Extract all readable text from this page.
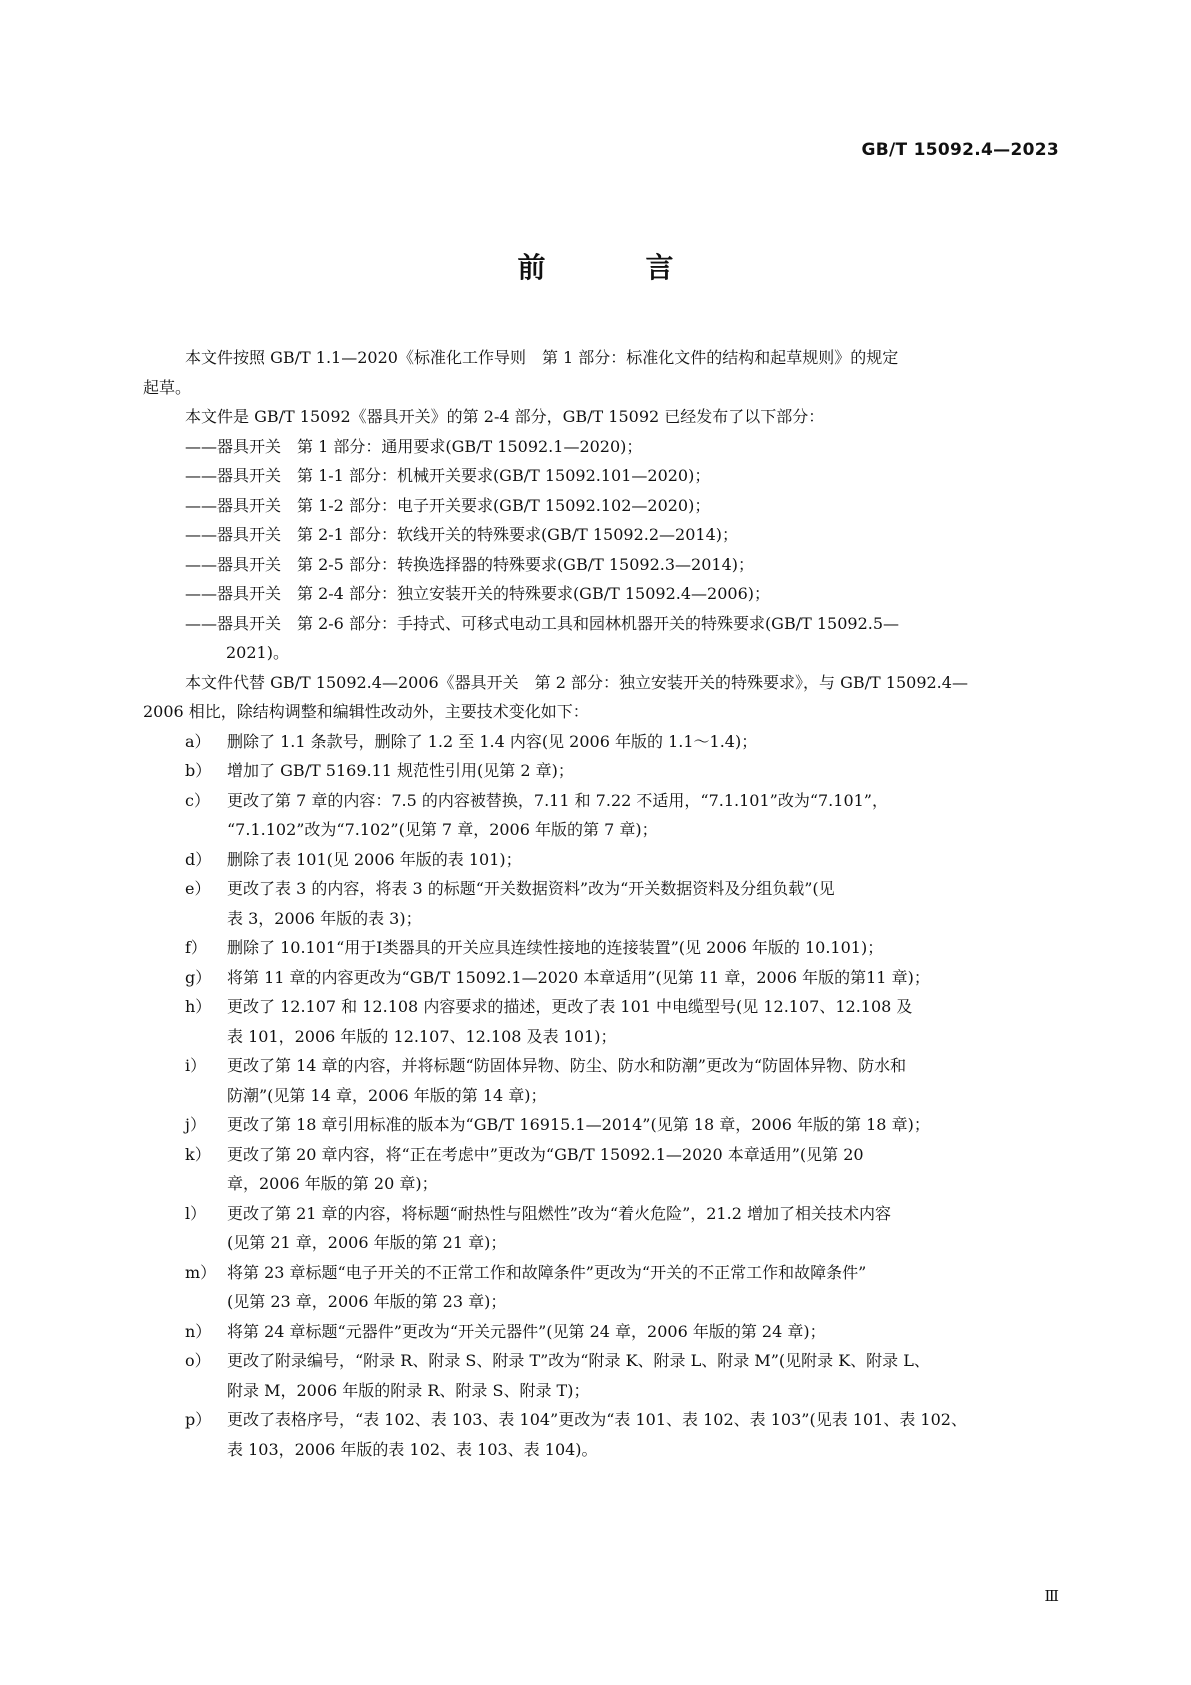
GB/T 15092.4—2023
前　言
本文件按照 GB/T 1.1—2020《标准化工作导则　第 1 部分：标准化文件的结构和起草规则》的规定
起草。
本文件是 GB/T 15092《器具开关》的第 2-4 部分，GB/T 15092 已经发布了以下部分：
——器具开关　第 1 部分：通用要求(GB/T 15092.1—2020)；
——器具开关　第 1-1 部分：机械开关要求(GB/T 15092.101—2020)；
——器具开关　第 1-2 部分：电子开关要求(GB/T 15092.102—2020)；
——器具开关　第 2-1 部分：软线开关的特殊要求(GB/T 15092.2—2014)；
——器具开关　第 2-5 部分：转换选择器的特殊要求(GB/T 15092.3—2014)；
——器具开关　第 2-4 部分：独立安装开关的特殊要求(GB/T 15092.4—2006)；
——器具开关　第 2-6 部分：手持式、可移式电动工具和园林机器开关的特殊要求(GB/T 15092.5—
2021)。
本文件代替 GB/T 15092.4—2006《器具开关　第 2 部分：独立安装开关的特殊要求》，与 GB/T 15092.4—
2006 相比，除结构调整和编辑性改动外，主要技术变化如下：
a）	删除了 1.1 条款号，删除了 1.2 至 1.4 内容(见 2006 年版的 1.1～1.4)；
b） 增加了 GB/T 5169.11 规范性引用(见第 2 章)；
c）	更改了第 7 章的内容：7.5 的内容被替换，7.11 和 7.22 不适用，“7.1.101”改为“7.101”，
“7.1.102”改为“7.102”(见第 7 章，2006 年版的第 7 章)；
d） 删除了表 101(见 2006 年版的表 101)；
e）	更改了表 3 的内容，将表 3 的标题“开关数据资料”改为“开关数据资料及分组负载”(见
表 3，2006 年版的表 3)；
f）	删除了 10.101“用于Ⅰ类器具的开关应具连续性接地的连接装置”(见 2006 年版的 10.101)；
g） 将第 11 章的内容更改为“GB/T 15092.1—2020 本章适用”(见第 11 章，2006 年版的第11 章)；
h） 更改了 12.107 和 12.108 内容要求的描述，更改了表 101 中电缆型号(见 12.107、12.108 及
表 101，2006 年版的 12.107、12.108 及表 101)；
i）	更改了第 14 章的内容，并将标题“防固体异物、防尘、防水和防潮”更改为“防固体异物、防水和
防潮”(见第 14 章，2006 年版的第 14 章)；
j）	更改了第 18 章引用标准的版本为“GB/T 16915.1—2014”(见第 18 章，2006 年版的第 18 章)；
k）	更改了第 20 章内容，将“正在考虑中”更改为“GB/T 15092.1—2020 本章适用”(见第 20
章，2006 年版的第 20 章)；
l）	更改了第 21 章的内容，将标题“耐热性与阻燃性”改为“着火危险”，21.2 增加了相关技术内容
(见第 21 章，2006 年版的第 21 章)；
m） 将第 23 章标题“电子开关的不正常工作和故障条件”更改为“开关的不正常工作和故障条件”
(见第 23 章，2006 年版的第 23 章)；
n） 将第 24 章标题“元器件”更改为“开关元器件”(见第 24 章，2006 年版的第 24 章)；
o）	更改了附录编号，“附录 R、附录 S、附录 T”改为“附录 K、附录 L、附录 M”(见附录 K、附录 L、
附录 M，2006 年版的附录 R、附录 S、附录 T)；
p） 更改了表格序号，“表 102、表 103、表 104”更改为“表 101、表 102、表 103”(见表 101、表 102、
表 103，2006 年版的表 102、表 103、表 104)。
Ⅲ
